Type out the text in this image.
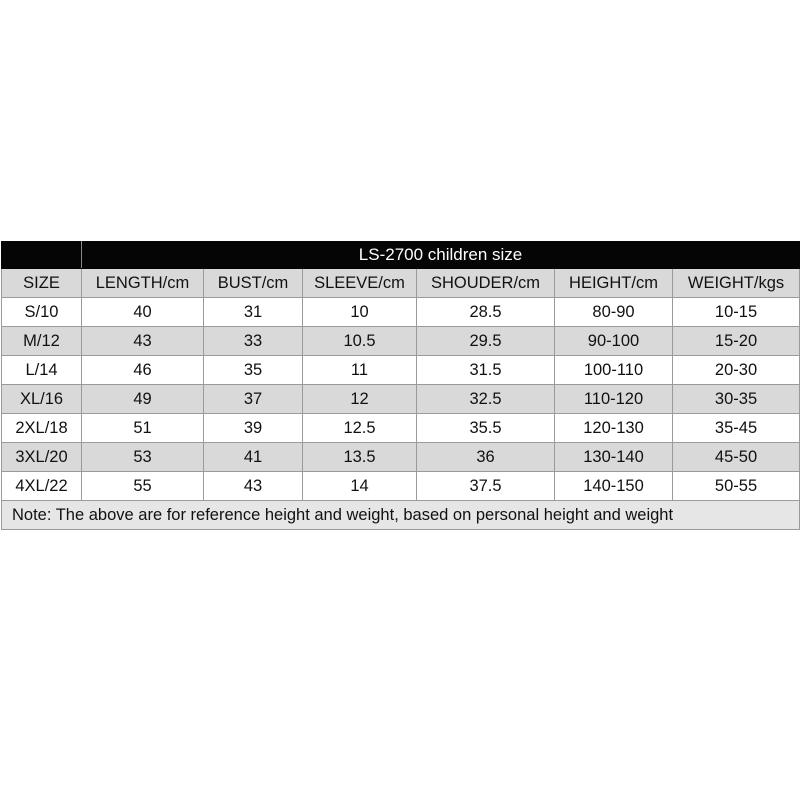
	LS-2700 children size					
SIZE	LENGTH/cm	BUST/cm	SLEEVE/cm	SHOUDER/cm	HEIGHT/cm	WEIGHT/kgs
S/10	40	31	10	28.5	80-90	10-15
M/12	43	33	10.5	29.5	90-100	15-20
L/14	46	35	11	31.5	100-110	20-30
XL/16	49	37	12	32.5	110-120	30-35
2XL/18	51	39	12.5	35.5	120-130	35-45
3XL/20	53	41	13.5	36	130-140	45-50
4XL/22	55	43	14	37.5	140-150	50-55
Note: The above are for reference height and weight, based on personal height and weight						
